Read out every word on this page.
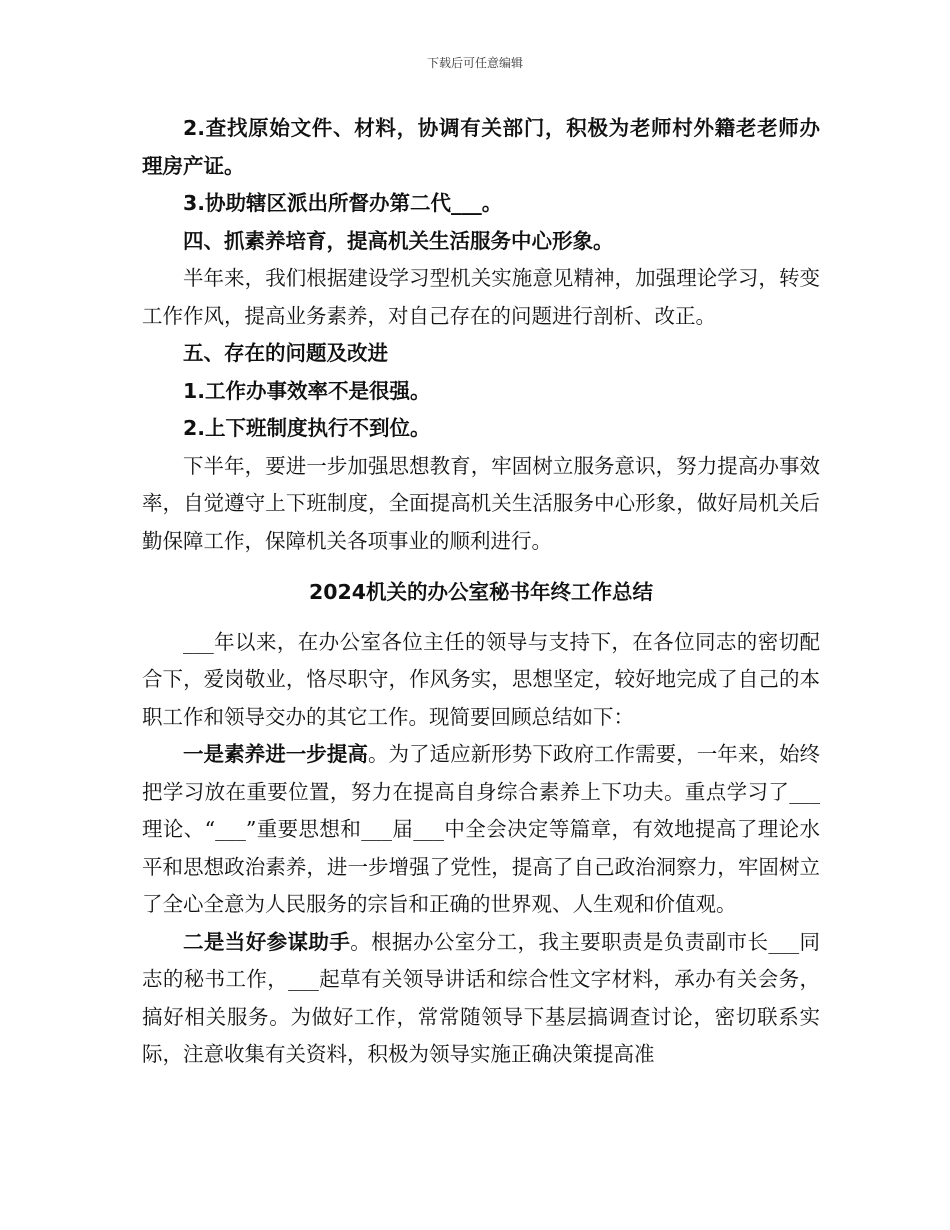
下载后可任意编辑

2.查找原始文件、材料，协调有关部门，积极为老师村外籍老老师办理房产证。

3.协助辖区派出所督办第二代___。

四、抓素养培育，提高机关生活服务中心形象。

半年来，我们根据建设学习型机关实施意见精神，加强理论学习，转变工作作风，提高业务素养，对自己存在的问题进行剖析、改正。

五、存在的问题及改进

1.工作办事效率不是很强。

2.上下班制度执行不到位。

下半年，要进一步加强思想教育，牢固树立服务意识，努力提高办事效率，自觉遵守上下班制度，全面提高机关生活服务中心形象，做好局机关后勤保障工作，保障机关各项事业的顺利进行。

2024机关的办公室秘书年终工作总结

___年以来，在办公室各位主任的领导与支持下，在各位同志的密切配合下，爱岗敬业，恪尽职守，作风务实，思想坚定，较好地完成了自己的本职工作和领导交办的其它工作。现简要回顾总结如下：

一是素养进一步提高。为了适应新形势下政府工作需要，一年来，始终把学习放在重要位置，努力在提高自身综合素养上下功夫。重点学习了___理论、“___”重要思想和___届___中全会决定等篇章，有效地提高了理论水平和思想政治素养，进一步增强了党性，提高了自己政治洞察力，牢固树立了全心全意为人民服务的宗旨和正确的世界观、人生观和价值观。

二是当好参谋助手。根据办公室分工，我主要职责是负责副市长___同志的秘书工作，___起草有关领导讲话和综合性文字材料，承办有关会务，搞好相关服务。为做好工作，常常随领导下基层搞调查讨论，密切联系实际，注意收集有关资料，积极为领导实施正确决策提高准
